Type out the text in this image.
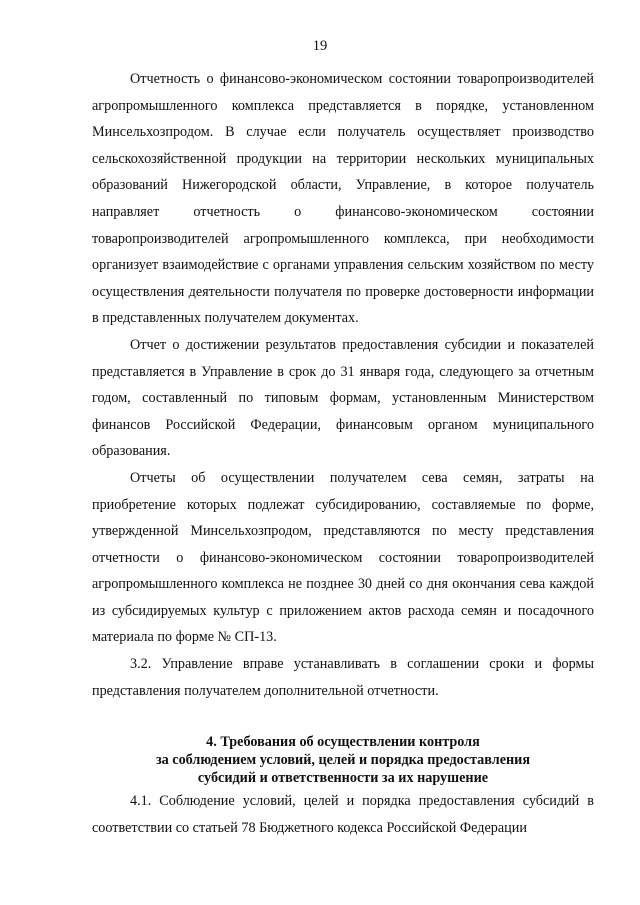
19

Отчетность о финансово-экономическом состоянии товаропроизводителей агропромышленного комплекса представляется в порядке, установленном Минсельхозпродом. В случае если получатель осуществляет производство сельскохозяйственной продукции на территории нескольких муниципальных образований Нижегородской области, Управление, в которое получатель направляет отчетность о финансово-экономическом состоянии товаропроизводителей агропромышленного комплекса, при необходимости организует взаимодействие с органами управления сельским хозяйством по месту осуществления деятельности получателя по проверке достоверности информации в представленных получателем документах.

Отчет о достижении результатов предоставления субсидии и показателей представляется в Управление в срок до 31 января года, следующего за отчетным годом, составленный по типовым формам, установленным Министерством финансов Российской Федерации, финансовым органом муниципального образования.

Отчеты об осуществлении получателем сева семян, затраты на приобретение которых подлежат субсидированию, составляемые по форме, утвержденной Минсельхозпродом, представляются по месту представления отчетности о финансово-экономическом состоянии товаропроизводителей агропромышленного комплекса не позднее 30 дней со дня окончания сева каждой из субсидируемых культур с приложением актов расхода семян и посадочного материала по форме № СП-13.

3.2. Управление вправе устанавливать в соглашении сроки и формы представления получателем дополнительной отчетности.

4. Требования об осуществлении контроля
за соблюдением условий, целей и порядка предоставления
субсидий и ответственности за их нарушение

4.1. Соблюдение условий, целей и порядка предоставления субсидий в соответствии со статьей 78 Бюджетного кодекса Российской Федерации
